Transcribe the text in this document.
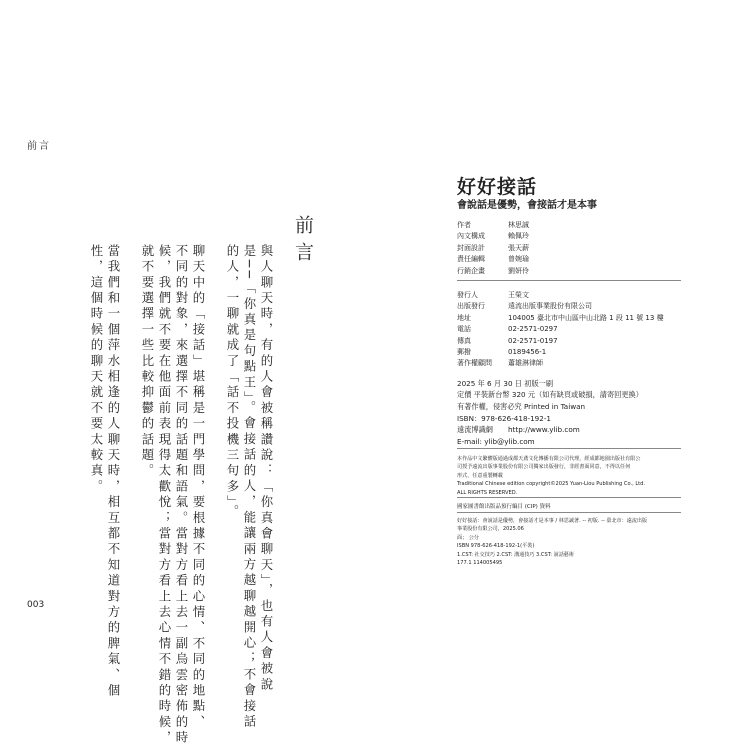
前言
前言
與人聊天時，有的人會被稱讚說：「你真會聊天」，也有人會被說
是──「你真是句點王」。會接話的人，能讓兩方越聊越開心；不會接話
的人，一聊就成了「話不投機三句多」。
聊天中的「接話」堪稱是一門學問，要根據不同的心情、不同的地點、
不同的對象，來選擇不同的話題和語氣。當對方看上去一副烏雲密佈的時
候，我們就不要在他面前表現得太歡悅；當對方看上去心情不錯的時候，
就不要選擇一些比較抑鬱的話題。
當我們和一個萍水相逢的人聊天時，相互都不知道對方的脾氣、個
性，這個時候的聊天就不要太較真。
003
好好接話
會說話是優勢，會接話才是本事
作者	林思誠
內文構成	賴佩玲
封面設計	張天薪
責任編輯	曾婉瑜
行銷企畫	劉妍伶
發行人	王榮文
出版發行	遠流出版事業股份有限公司
地址	104005 臺北市中山區中山北路 1 段 11 號 13 樓
電話	02-2571-0297
傳真	02-2571-0197
郵撥	0189456-1
著作權顧問	蕭雄淋律師
2025 年 6 月 30 日 初版一刷
定價 平裝新台幣 320 元（如有缺頁或破損，請寄回更換）
有著作權，侵害必究 Printed in Taiwan
ISBN：978-626-418-192-1
遠流博識網	http://www.ylib.com
E-mail: ylib@ylib.com
本作品中文繁體版通過成都天鳶文化傳播有限公司代理，經成都地園出版社有限公
司授予遠流出版事業股份有限公司獨家出版發行，非經書面同意，不得以任何
形式，任意重製轉載
Traditional Chinese edition copyright©2025 Yuan-Liou Publishing Co., Ltd.
ALL RIGHTS RESERVED.
國家圖書館出版品預行編目 (CIP) 資料
好好接話：會說話是優勢，會接話才是本事 / 林思誠著. -- 初版. -- 臺北市：遠流出版
事業股份有限公司，2025.06
面； 公分
ISBN 978-626-418-192-1(平裝)
1.CST: 社交技巧 2.CST: 溝通技巧 3.CST: 說話藝術
177.1 114005495
